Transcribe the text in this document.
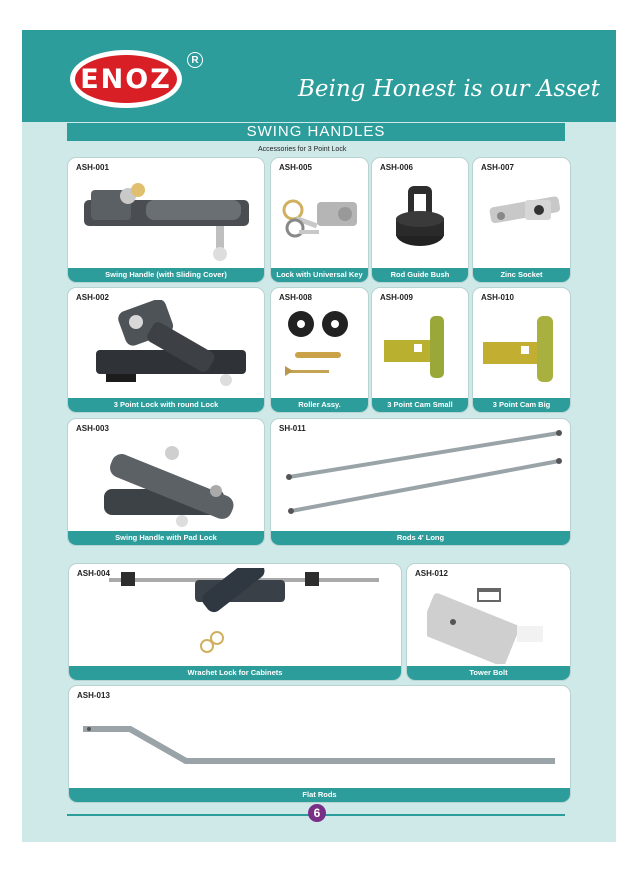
ENOZ
R
Being Honest is our Asset
SWING HANDLES
Accessories for 3 Point Lock
ASH-001
Swing Handle (with Sliding Cover)
ASH-005
Lock with Universal Key
ASH-006
Rod Guide Bush
ASH-007
Zinc Socket
ASH-002
3 Point Lock with round Lock
ASH-008
Roller Assy.
ASH-009
3 Point Cam Small
ASH-010
3 Point Cam Big
ASH-003
Swing Handle with Pad Lock
SH-011
Rods 4' Long
ASH-004
Wrachet Lock for Cabinets
ASH-012
Tower Bolt
ASH-013
Flat Rods
6
